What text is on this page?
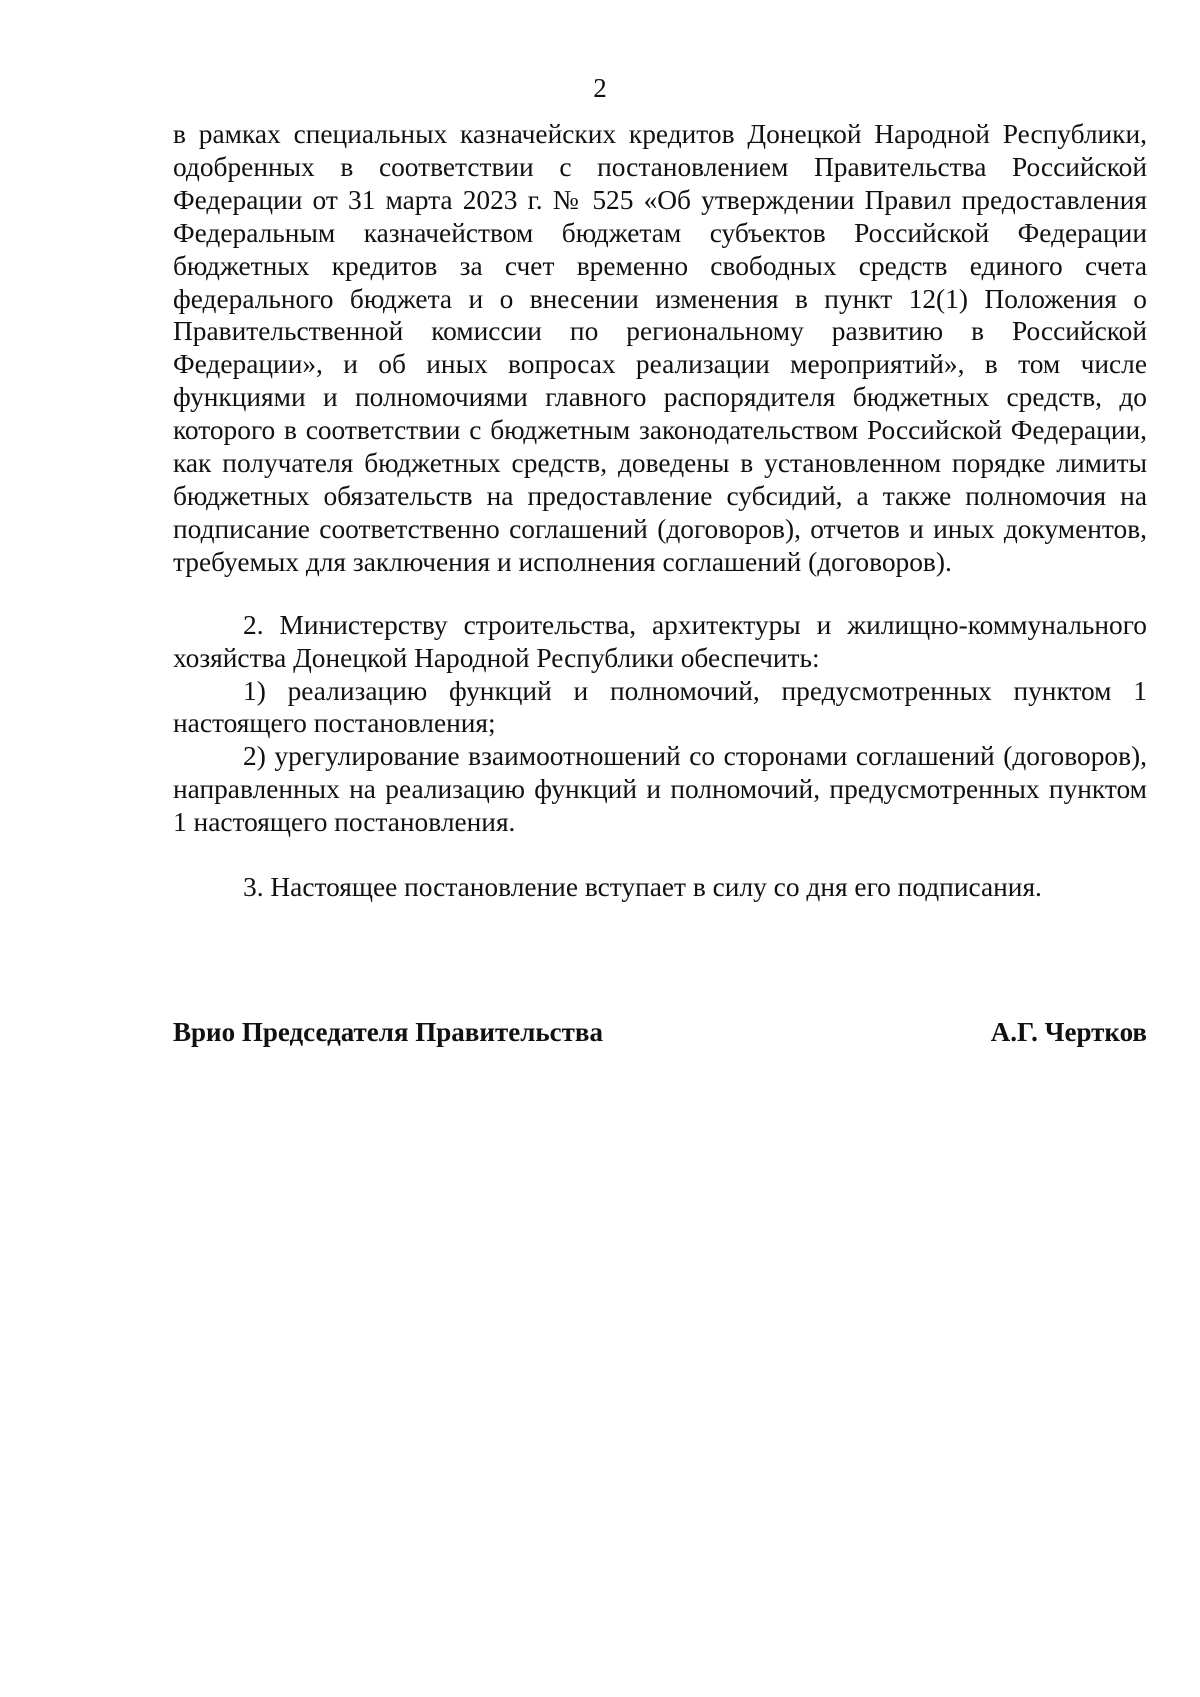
2

в рамках специальных казначейских кредитов Донецкой Народной Республики, одобренных в соответствии с постановлением Правительства Российской Федерации от 31 марта 2023 г. № 525 «Об утверждении Правил предоставления Федеральным казначейством бюджетам субъектов Российской Федерации бюджетных кредитов за счет временно свободных средств единого счета федерального бюджета и о внесении изменения в пункт 12(1) Положения о Правительственной комиссии по региональному развитию в Российской Федерации», и об иных вопросах реализации мероприятий», в том числе функциями и полномочиями главного распорядителя бюджетных средств, до которого в соответствии с бюджетным законодательством Российской Федерации, как получателя бюджетных средств, доведены в установленном порядке лимиты бюджетных обязательств на предоставление субсидий, а также полномочия на подписание соответственно соглашений (договоров), отчетов и иных документов, требуемых для заключения и исполнения соглашений (договоров).

2. Министерству строительства, архитектуры и жилищно-коммунального хозяйства Донецкой Народной Республики обеспечить:

1) реализацию функций и полномочий, предусмотренных пунктом 1 настоящего постановления;

2) урегулирование взаимоотношений со сторонами соглашений (договоров), направленных на реализацию функций и полномочий, предусмотренных пунктом 1 настоящего постановления.

3. Настоящее постановление вступает в силу со дня его подписания.

Врио Председателя Правительства	А.Г. Чертков
